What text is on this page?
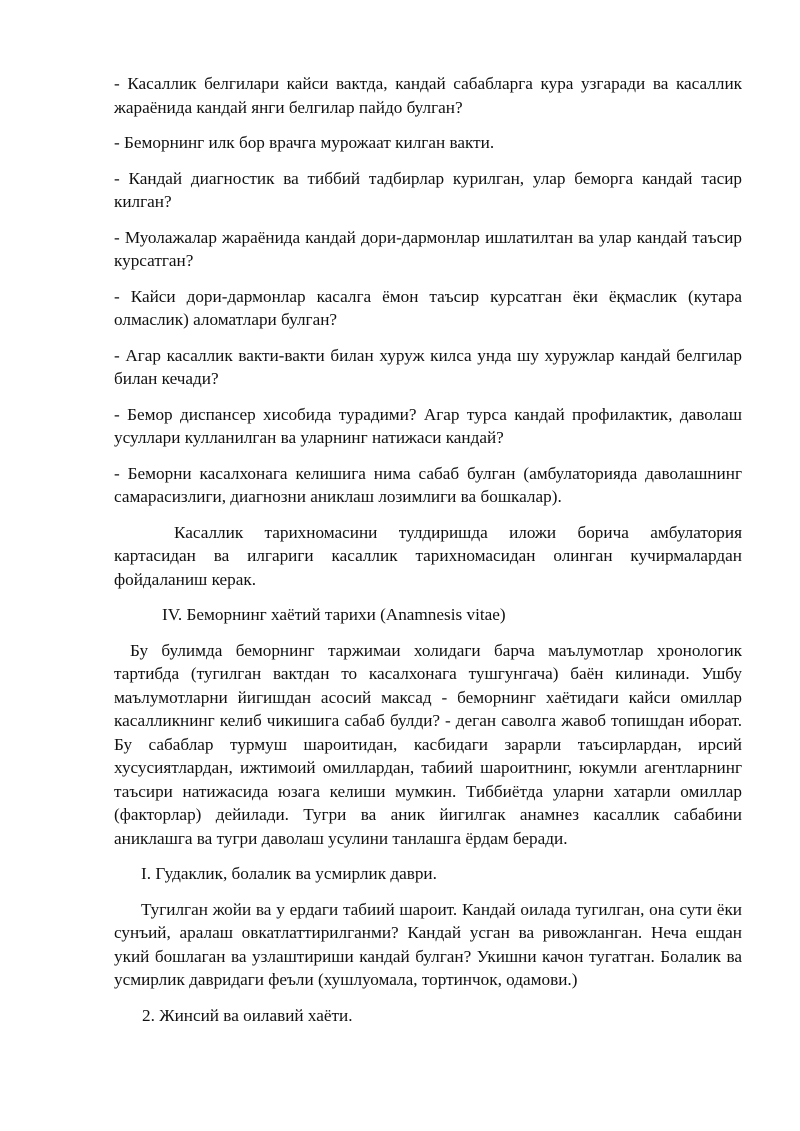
- Касаллик белгилари кайси вактда, кандай сабабларга кура узгаради ва касаллик жараёнида кандай янги белгилар пайдо булган?

- Беморнинг илк бор врачга мурожаат килган вакти.

- Кандай диагностик ва тиббий тадбирлар курилган, улар беморга кандай тасир килган?

- Муолажалар жараёнида кандай дори-дармонлар ишлатилтан ва улар кандай таъсир курсатган?

- Кайси дори-дармонлар касалга ёмон таъсир курсатган ёки ёқмаслик (кутара олмаслик) аломатлари булган?

- Агар касаллик вакти-вакти билан хуруж килса унда шу хуружлар кандай белгилар билан кечади?

- Бемор диспансер хисобида турадими? Агар турса кандай профилактик, даволаш усуллари кулланилган ва уларнинг натижаси кандай?

- Беморни касалхонага келишига нима сабаб булган (амбулаторияда даволашнинг самарасизлиги, диагнозни аниклаш лозимлиги ва бошкалар).

Касаллик тарихномасини тулдиришда иложи борича амбулатория картасидан ва илгариги касаллик тарихномасидан олинган кучирмалардан фойдаланиш керак.

IV. Беморнинг хаётий тарихи (Anamnesis vitae)

Бу булимда беморнинг таржимаи холидаги барча маълумотлар хронологик тартибда (тугилган вактдан то касалхонага тушгунгача) баён килинади. Ушбу маълумотларни йигишдан асосий максад - беморнинг хаётидаги кайси омиллар касалликнинг келиб чикишига сабаб булди? - деган саволга жавоб топишдан иборат. Бу сабаблар турмуш шароитидан, касбидаги зарарли таъсирлардан, ирсий хусусиятлардан, ижтимоий омиллардан, табиий шароитнинг, юкумли агентларнинг таъсири натижасида юзага келиши мумкин. Тиббиётда уларни хатарли омиллар (факторлар) дейилади. Тугри ва аник йигилгак анамнез касаллик сабабини аниклашга ва тугри даволаш усулини танлашга ёрдам беради.

I. Гудаклик, болалик ва усмирлик даври.

Тугилган жойи ва у ердаги табиий шароит. Кандай оилада тугилган, она сути ёки сунъий, аралаш овкатлаттирилганми? Кандай усган ва ривожланган. Неча ешдан укий бошлаган ва узлаштириши кандай булган? Укишни качон тугатган. Болалик ва усмирлик давридаги феъли (хушлуомала, тортинчок, одамови.)

2. Жинсий ва оилавий хаёти.
